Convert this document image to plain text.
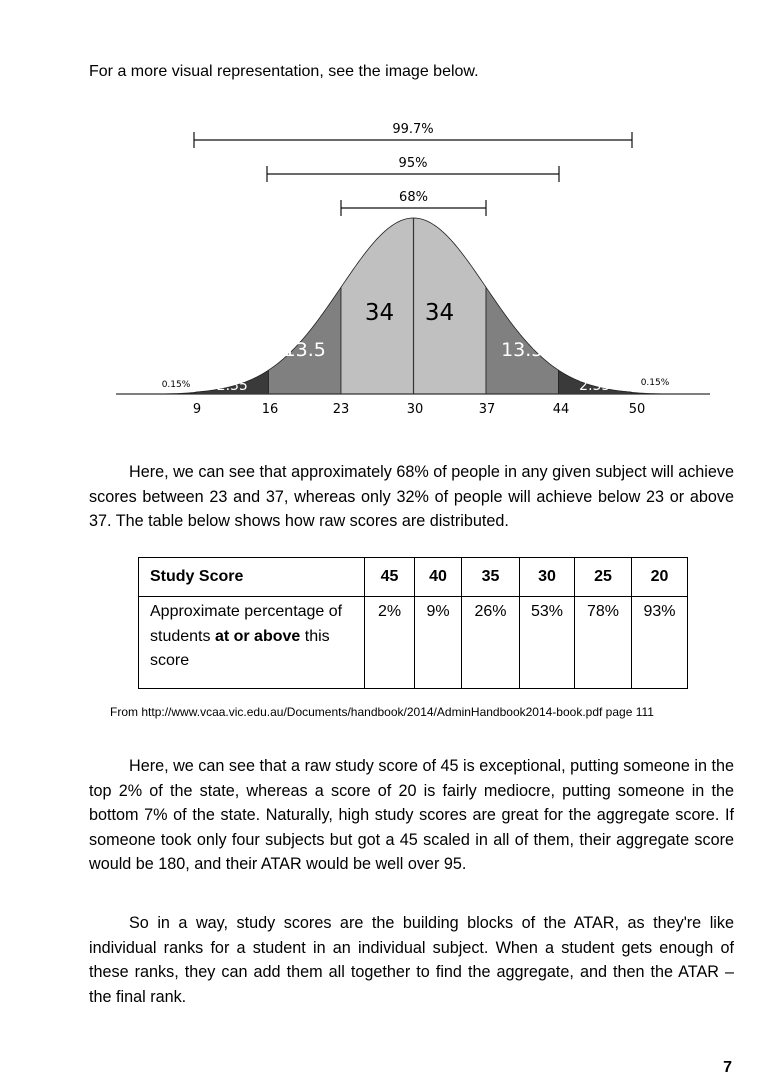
For a more visual representation, see the image below.
2.35
13.5
34 34
13.5
2.35
0.15%	0.15%
9	16	23	30	37	44	50
99.7%
95%
68%

Here, we can see that approximately 68% of people in any given subject will achieve scores between 23 and 37, whereas only 32% of people will achieve below 23 or above 37. The table below shows how raw scores are distributed.

Study Score	45	40	35	30	25	20
Approximate percentage of students at or above this score	2%	9%	26%	53%	78%	93%
From http://www.vcaa.vic.edu.au/Documents/handbook/2014/AdminHandbook2014-book.pdf page 111

Here, we can see that a raw study score of 45 is exceptional, putting someone in the top 2% of the state, whereas a score of 20 is fairly mediocre, putting someone in the bottom 7% of the state. Naturally, high study scores are great for the aggregate score. If someone took only four subjects but got a 45 scaled in all of them, their aggregate score would be 180, and their ATAR would be well over 95.

So in a way, study scores are the building blocks of the ATAR, as they're like individual ranks for a student in an individual subject. When a student gets enough of these ranks, they can add them all together to find the aggregate, and then the ATAR – the final rank.

7
